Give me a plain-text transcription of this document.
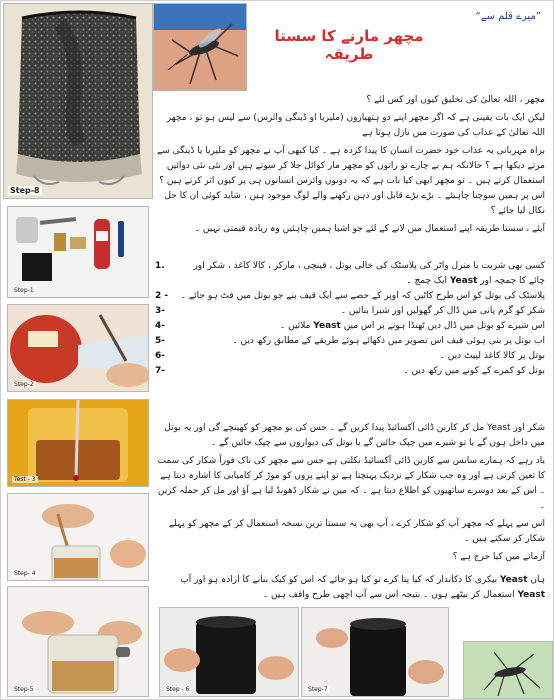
Step-8
Step-1
Step-2
Test - 3
Step- 4
Step-5	Step - 6	Step-7
”میرے قلم سے“
مچھر مارنے کا سستا طریقہ

مچھر ، اللہ تعالیٰ کی تخلیق کیوں اور کس لئے ؟

لیکن ایک بات یقینی ہے کہ اگر مچھر اپنے دو ہتھیاروں (ملیریا او ڈینگی وائرس) سے لیس ہو تو ، مچھر اللہ تعالیٰ کے عذاب کی صورت میں نازل ہوتا ہے

براہ مہربانی یہ عذاب خود حضرت انسان کا پیدا کردہ ہے ۔ کیا کبھی آپ نے مچھر کو ملیریا یا ڈینگی سے مرتے دیکھا ہے ؟ حالانکہ ہم بے چارے تو راتوں کو مچھر مار کوائل جلا کر سوتے ہیں اور نئی نئی دوائیں استعمال کرتے ہیں ۔ تو مچھر ابھی کیا بات ہے کہ یہ دونوں وائرس انسانوں ہی پر کیوں اثر کرتے ہیں ؟ اس پر ہمیں سوچنا چاہیئے ۔ بڑے بڑے قابل اور ذہن رکھنے والے لوگ موجود ہیں ، شاید کوئی ان کا حل نکال لیا جائے ؟

آیئے ، سستا طریقہ اپنے استعمال میں لانے کے لئے جو اشیا ہمیں چاہئیں وہ زیادہ قیمتی نہیں ۔

1.	کسی بھی شربت یا منرل واٹر کی پلاسٹک کی خالی بوتل ، قینچی ، مارکر ، کالا کاغذ ، شکر اور چائے کا چمچہ اور Yeast ایک چمچ ۔
2 -	پلاسٹک کی بوتل کو اس طرح کاٹیں کہ اوپر کے حصے سے ایک قیف بنے جو بوتل میں فٹ ہو جائے ۔
3-	شکر کو گرم پانی میں ڈال کر گھولیں اور شیرا بنائیں ۔
4-	اس شیرے کو بوتل میں ڈال دیں ٹھنڈا ہونے پر اس میں Yeast ملائیں ۔
5-	اب بوتل پر بنی ہوئی قیف اس تصویر میں دکھائے ہوئے طریقے کے مطابق رکھ دیں ۔
6-	بوتل پر کالا کاغذ لپیٹ دیں ۔
7-	بوتل کو کمرے کے کونے میں رکھ دیں ۔

شکر اور Yeast مل کر کاربن ڈائی آکسائیڈ پیدا کریں گے ۔ جس کی بو مچھر کو کھینچے گی اور یہ بوتل میں داخل ہوں گے یا تو شیرے میں چپک جائیں گے یا بوتل کی دیواروں سے چپک جائیں گے ۔

یاد رہے کہ ہمارے سانس سے کاربن ڈائی آکسائیڈ نکلتی ہے جس سے مچھر کی ناک فوراً شکار کی سمت کا تعین کرتی ہے اور وہ جب شکار کے نزدیک پہنچتا ہے تو اپنے پروں کو موڑ کر کامیابی کا اشارہ دیتا ہے ۔ اس کے بعد دوسرے ساتھیوں کو اطلاع دیتا ہے ۔ کہ میں نے شکار ڈھونڈ لیا ہے آؤ اور مل کر حملہ کریں ۔

اس سے پہلے کہ مچھر آپ کو شکار کرے ، آپ بھی یہ سستا ترین نسخہ استعمال کر کے مچھر کو پہلے شکار کر سکتے ہیں ۔

آزمانے میں کیا حرج ہے ؟

ہاں Yeast بیکری کا دکاندار کہ کیا پتا کرے تو کیا ہو جائے کہ اس کو کیک بنانے کا ارادہ ہو اور آپ Yeast استعمال کر بیٹھے ہوں ۔ نتیجہ اس سے آپ اچھی طرح واقف ہیں ۔
